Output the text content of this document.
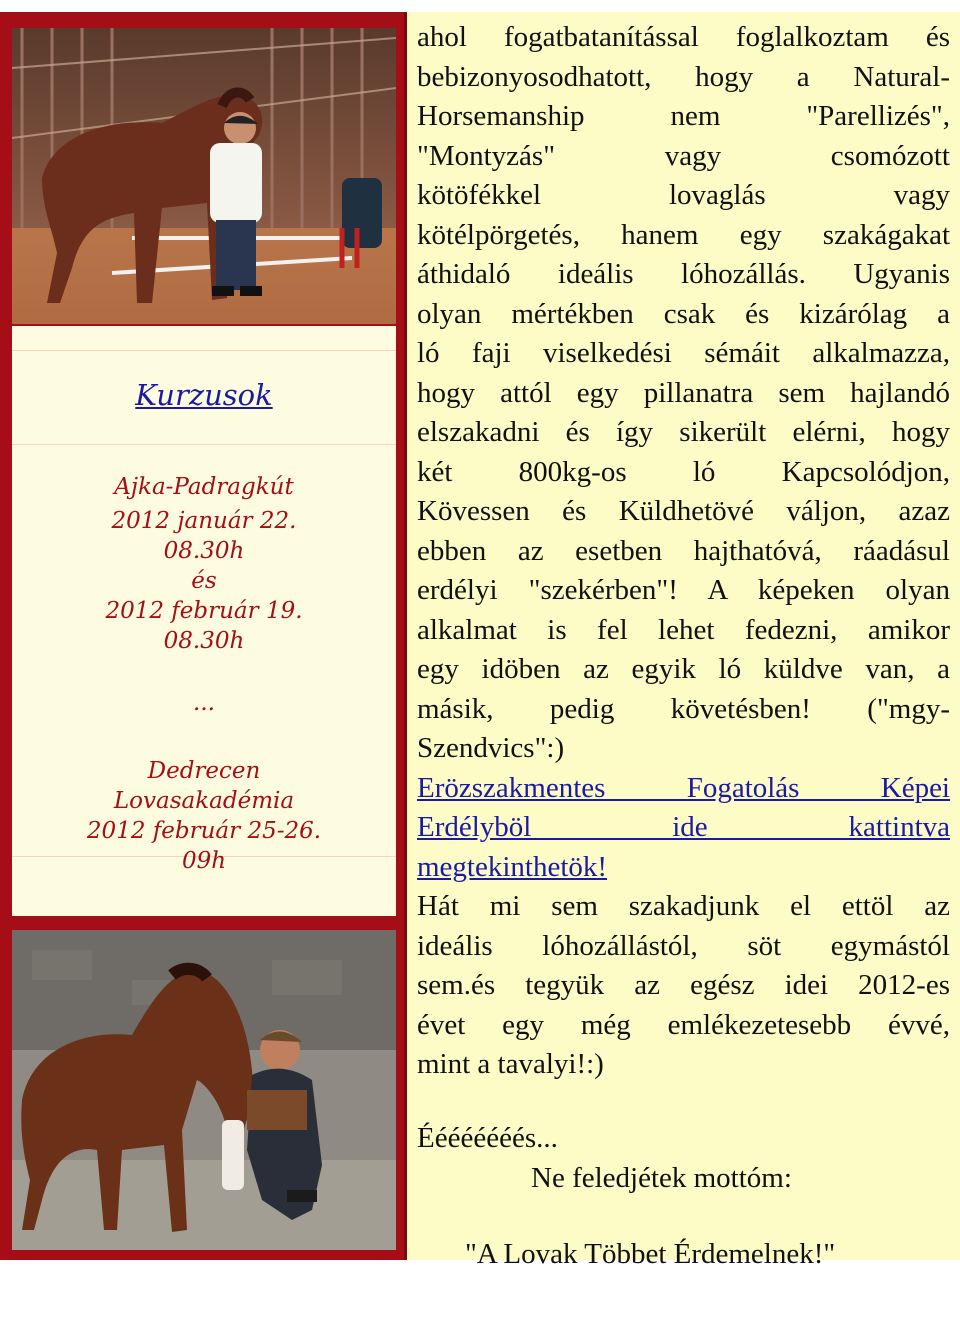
Kurzusok
Ajka-Padragkút
2012 január 22.
08.30h
és
2012 február 19.
08.30h
...
Dedrecen
Lovasakadémia
2012 február 25-26.
09h
ahol fogatbatanítással foglalkoztam és
bebizonyosodhatott, hogy a Natural-
Horsemanship nem "Parellizés",
"Montyzás" vagy csomózott
kötöfékkel lovaglás vagy
kötélpörgetés, hanem egy szakágakat
áthidaló ideális lóhozállás. Ugyanis
olyan mértékben csak és kizárólag a
ló faji viselkedési sémáit alkalmazza,
hogy attól egy pillanatra sem hajlandó
elszakadni és így sikerült elérni, hogy
két 800kg-os ló Kapcsolódjon,
Kövessen és Küldhetövé váljon, azaz
ebben az esetben hajthatóvá, ráadásul
erdélyi "szekérben"! A képeken olyan
alkalmat is fel lehet fedezni, amikor
egy idöben az egyik ló küldve van, a
másik, pedig követésben! ("mgy-
Szendvics":)
Erözszakmentes Fogatolás Képei
Erdélyböl ide kattintva
megtekinthetök!
Hát mi sem szakadjunk el ettöl az
ideális lóhozállástól, söt egymástól
sem.és tegyük az egész idei 2012-es
évet egy még emlékezetesebb évvé,
mint a tavalyi!:)
Éééééééés...
Ne feledjétek mottóm:
"A Lovak Többet Érdemelnek!"
